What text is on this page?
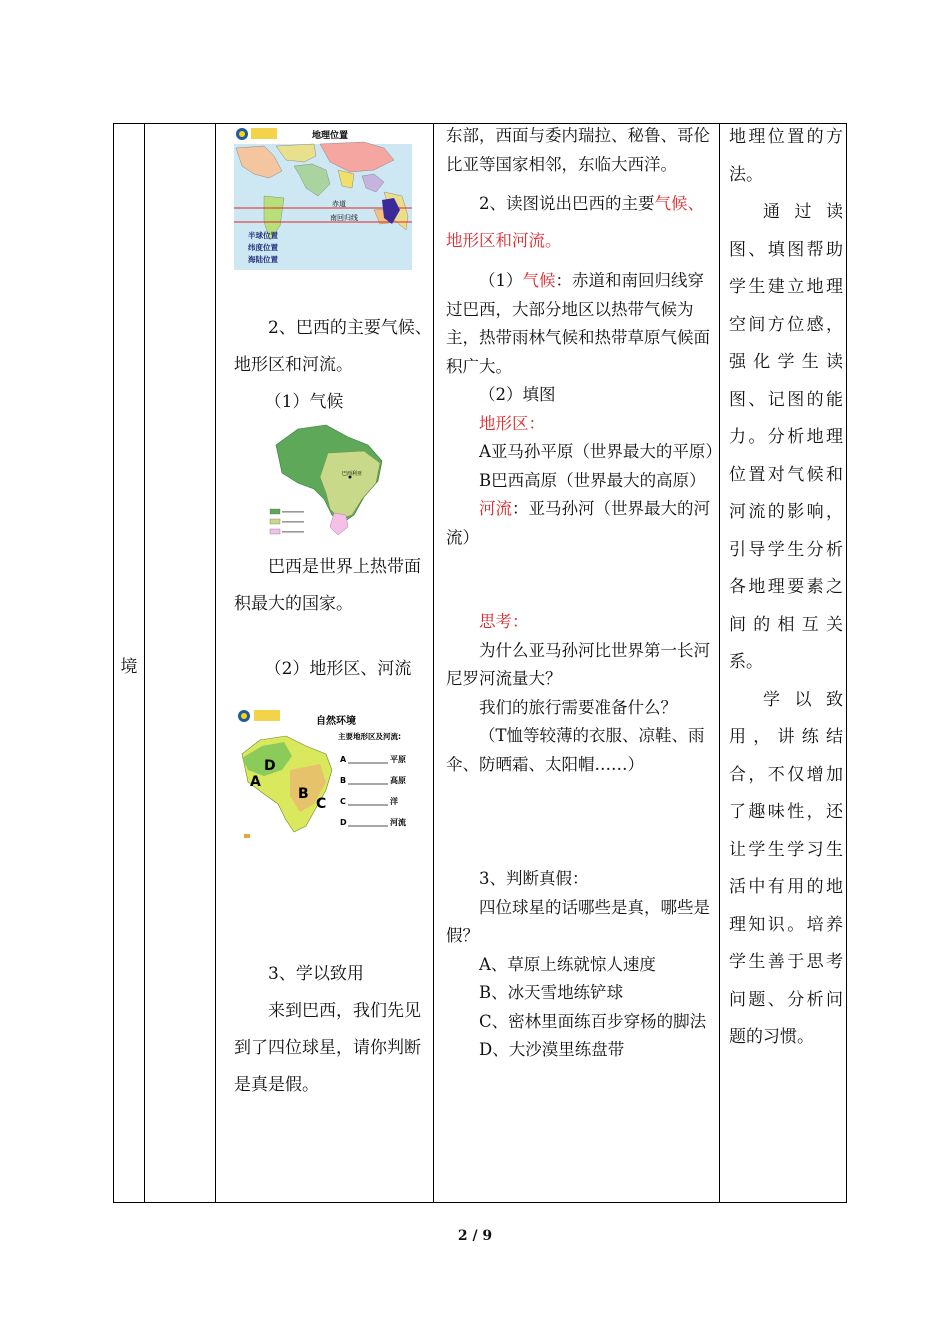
境
地理位置
赤道
南回归线
半球位置
纬度位置
海陆位置

2、巴西的主要气候、地形区和河流。

（1）气候

巴西利亚

巴西是世界上热带面积最大的国家。

（2）地形区、河流

自然环境
主要地形区及河流:
A
D
B
C
A	平原
B	高原
C	洋
D	河流

3、学以致用

来到巴西，我们先见到了四位球星，请你判断是真是假。

东部，西面与委内瑞拉、秘鲁、哥伦比亚等国家相邻，东临大西洋。

2、读图说出巴西的主要气候、地形区和河流。

（1）气候：赤道和南回归线穿过巴西，大部分地区以热带气候为主，热带雨林气候和热带草原气候面积广大。

（2）填图

地形区：

A亚马孙平原（世界最大的平原）

B巴西高原（世界最大的高原）

河流：亚马孙河（世界最大的河流）

思考：

为什么亚马孙河比世界第一长河尼罗河流量大？

我们的旅行需要准备什么？

（T恤等较薄的衣服、凉鞋、雨伞、防晒霜、太阳帽……）

3、判断真假：

四位球星的话哪些是真，哪些是假？

A、草原上练就惊人速度

B、冰天雪地练铲球

C、密林里面练百步穿杨的脚法

D、大沙漠里练盘带

地理位置的方法。

通过读图、填图帮助学生建立地理空间方位感，强化学生读图、记图的能力。分析地理位置对气候和河流的影响，引导学生分析各地理要素之间的相互关系。

学以致用，讲练结合，不仅增加了趣味性，还让学生学习生活中有用的地理知识。培养学生善于思考问题、分析问题的习惯。

2 / 9
